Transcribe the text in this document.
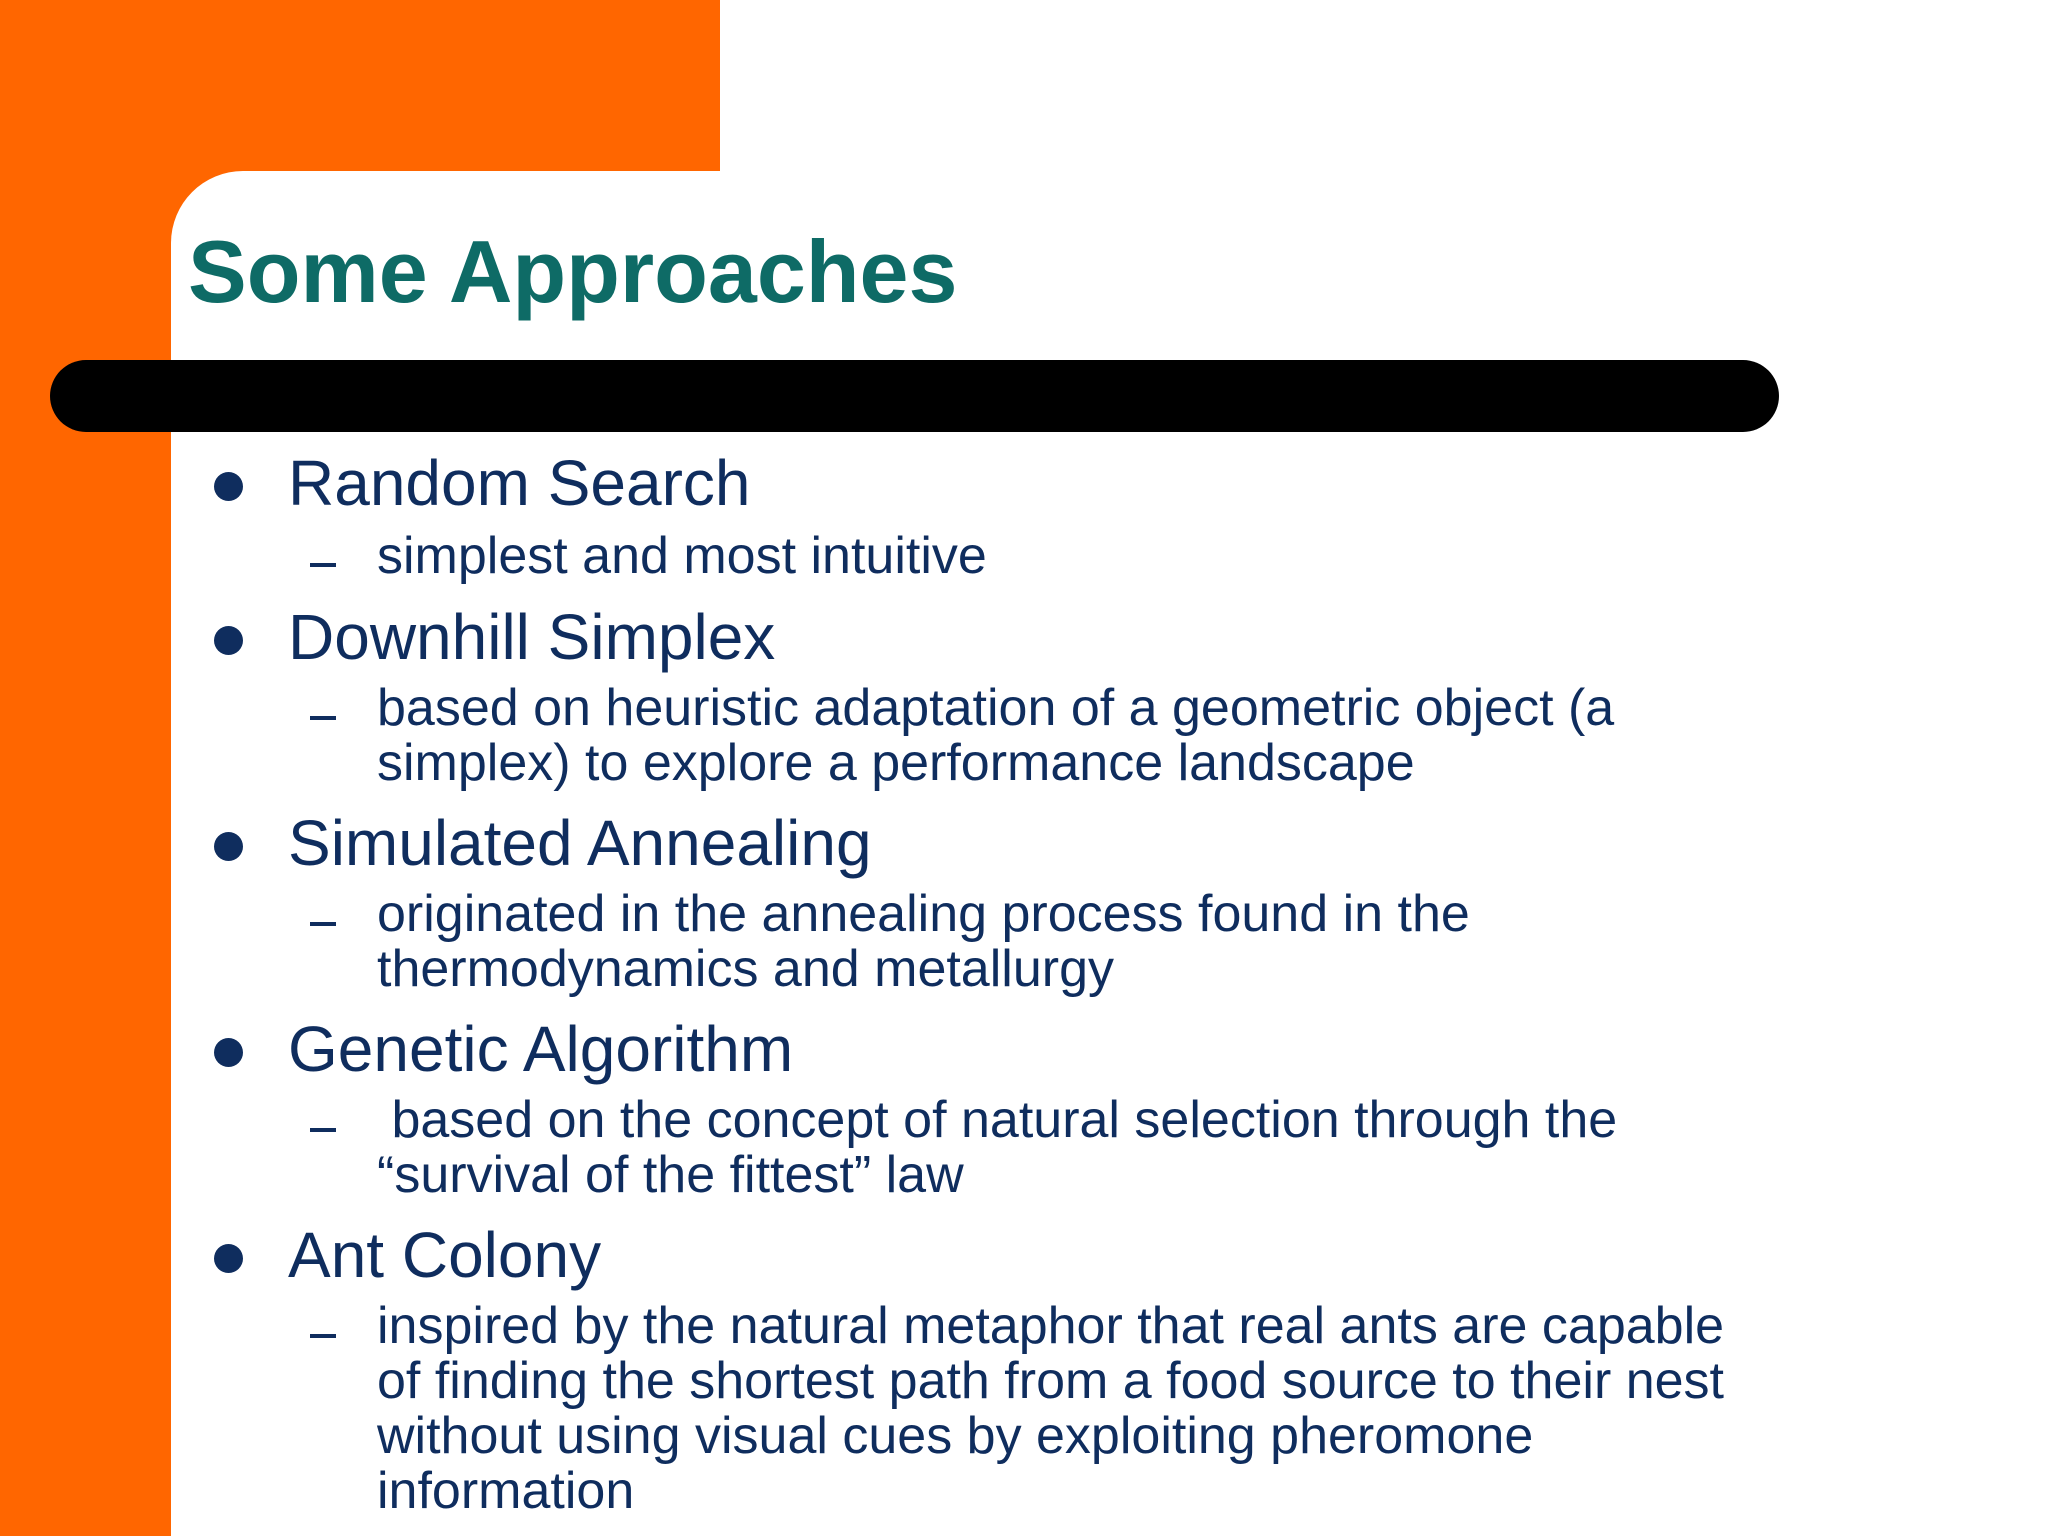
Some Approaches
Random Search
simplest and most intuitive
Downhill Simplex
based on heuristic adaptation of a geometric object (a
simplex) to explore a performance landscape
Simulated Annealing
originated in the annealing process found in the
thermodynamics and metallurgy
Genetic Algorithm
based on the concept of natural selection through the
“survival of the fittest” law
Ant Colony
inspired by the natural metaphor that real ants are capable
of finding the shortest path from a food source to their nest
without using visual cues by exploiting pheromone
information
